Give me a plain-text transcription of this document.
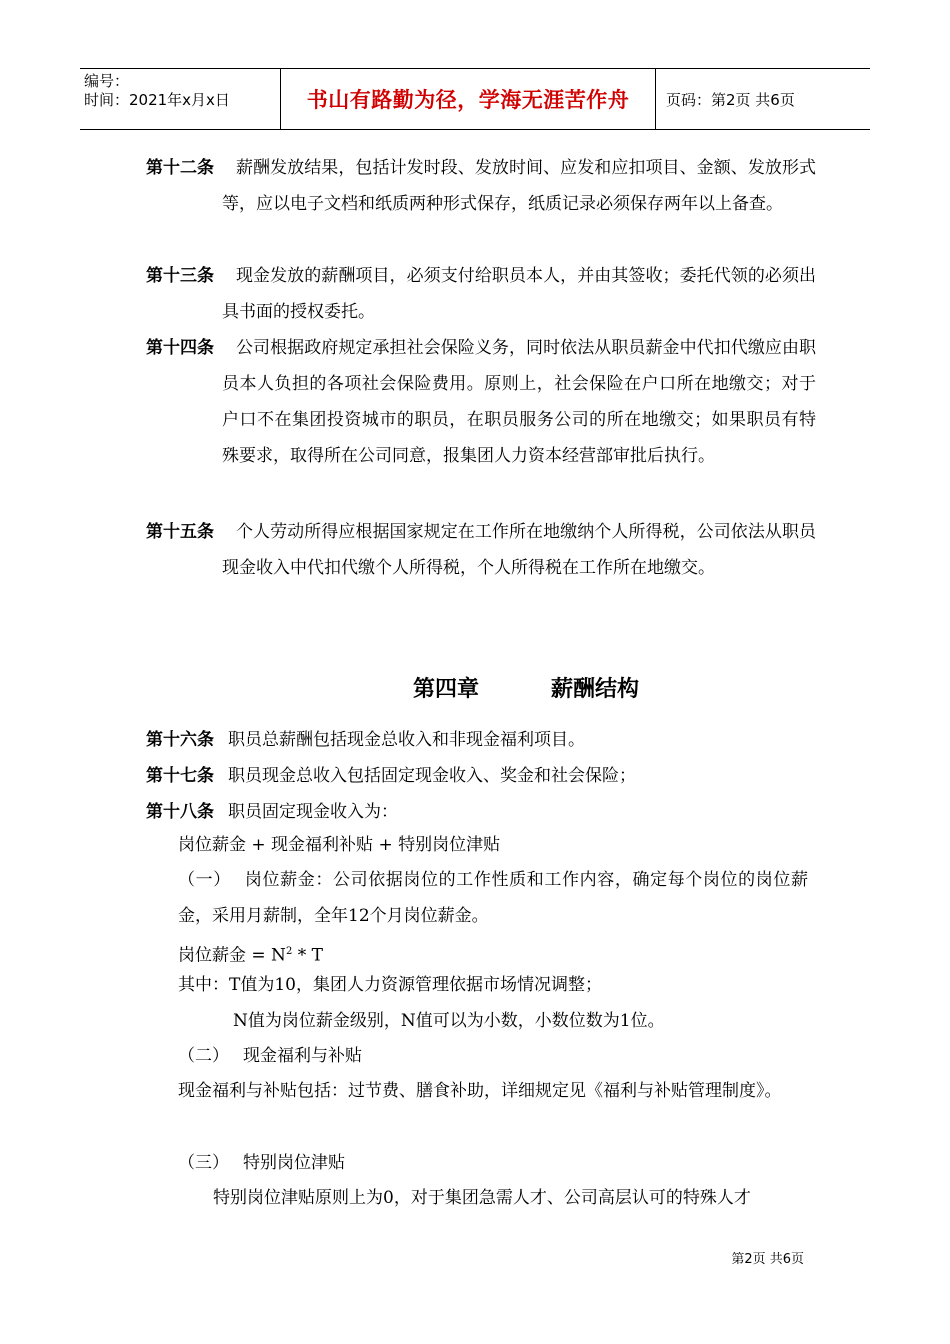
编号：
时间：2021年x月x日	书山有路勤为径，学海无涯苦作舟	页码：第2页 共6页
第十二条	薪酬发放结果，包括计发时段、发放时间、应发和应扣项目、金额、发放形式等，应以电子文档和纸质两种形式保存，纸质记录必须保存两年以上备查。
第十三条	现金发放的薪酬项目，必须支付给职员本人，并由其签收；委托代领的必须出具书面的授权委托。
第十四条	公司根据政府规定承担社会保险义务，同时依法从职员薪金中代扣代缴应由职员本人负担的各项社会保险费用。原则上，社会保险在户口所在地缴交；对于户口不在集团投资城市的职员，在职员服务公司的所在地缴交；如果职员有特殊要求，取得所在公司同意，报集团人力资本经营部审批后执行。
第十五条	个人劳动所得应根据国家规定在工作所在地缴纳个人所得税，公司依法从职员现金收入中代扣代缴个人所得税，个人所得税在工作所在地缴交。
第四章	薪酬结构
第十六条 职员总薪酬包括现金总收入和非现金福利项目。
第十七条 职员现金总收入包括固定现金收入、奖金和社会保险；
第十八条 职员固定现金收入为：
岗位薪金 + 现金福利补贴 + 特别岗位津贴
（一） 岗位薪金：公司依据岗位的工作性质和工作内容，确定每个岗位的岗位薪金，采用月薪制，全年12个月岗位薪金。
岗位薪金 = $N^2$ * T
其中：T值为10，集团人力资源管理依据市场情况调整；
N值为岗位薪金级别，N值可以为小数，小数位数为1位。
（二） 现金福利与补贴
现金福利与补贴包括：过节费、膳食补助，详细规定见《福利与补贴管理制度》。
（三） 特别岗位津贴
特别岗位津贴原则上为0，对于集团急需人才、公司高层认可的特殊人才
第2页 共6页
